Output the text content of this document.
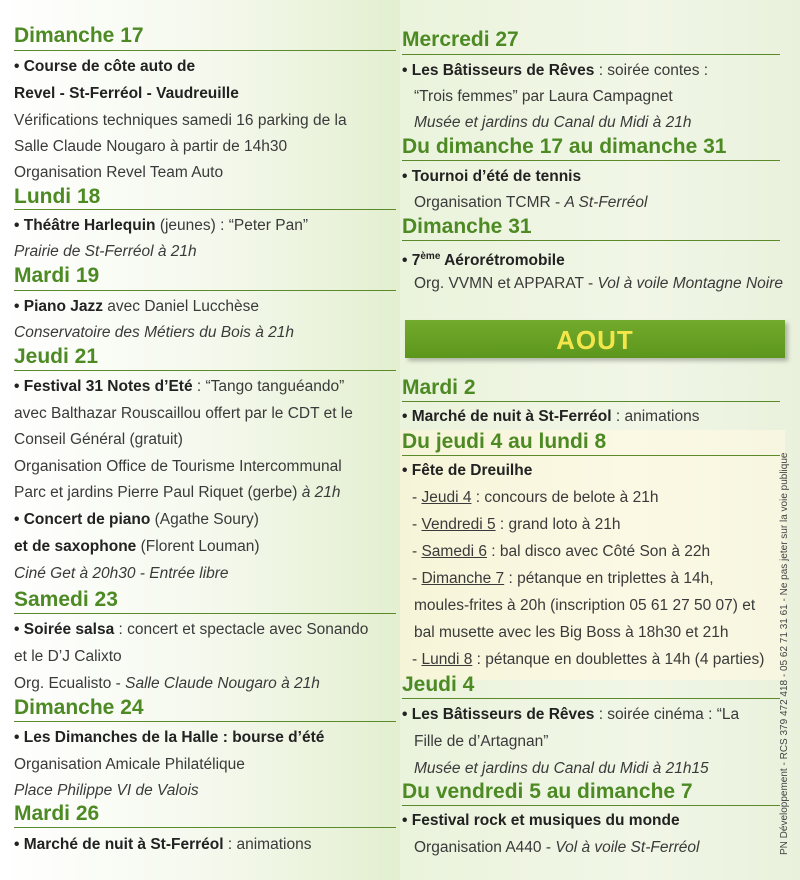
Dimanche 17
• Course de côte auto de
Revel - St-Ferréol - Vaudreuille
Vérifications techniques samedi 16 parking de la
Salle Claude Nougaro à partir de 14h30
Organisation Revel Team Auto
Lundi 18
• Théâtre Harlequin (jeunes) : “Peter Pan”
Prairie de St-Ferréol à 21h
Mardi 19
• Piano Jazz avec Daniel Lucchèse
Conservatoire des Métiers du Bois à 21h
Jeudi 21
• Festival 31 Notes d’Eté : “Tango tanguéando”
avec Balthazar Rouscaillou offert par le CDT et le
Conseil Général (gratuit)
Organisation Office de Tourisme Intercommunal
Parc et jardins Pierre Paul Riquet (gerbe) à 21h
• Concert de piano (Agathe Soury)
et de saxophone (Florent Louman)
Ciné Get à 20h30 - Entrée libre
Samedi 23
• Soirée salsa : concert et spectacle avec Sonando
et le D’J Calixto
Org. Ecualisto - Salle Claude Nougaro à 21h
Dimanche 24
• Les Dimanches de la Halle : bourse d’été
Organisation Amicale Philatélique
Place Philippe VI de Valois
Mardi 26
• Marché de nuit à St-Ferréol : animations
Mercredi 27
• Les Bâtisseurs de Rêves : soirée contes :
“Trois femmes” par Laura Campagnet
Musée et jardins du Canal du Midi à 21h
Du dimanche 17 au dimanche 31
• Tournoi d’été de tennis
Organisation TCMR - A St-Ferréol
Dimanche 31
• 7ème Aérorétromobile
Org. VVMN et APPARAT - Vol à voile Montagne Noire
AOUT
Mardi 2
• Marché de nuit à St-Ferréol : animations
Du jeudi 4 au lundi 8
• Fête de Dreuilhe
- Jeudi 4 : concours de belote à 21h
- Vendredi 5 : grand loto à 21h
- Samedi 6 : bal disco avec Côté Son à 22h
- Dimanche 7 : pétanque en triplettes à 14h,
moules-frites à 20h (inscription 05 61 27 50 07) et
bal musette avec les Big Boss à 18h30 et 21h
- Lundi 8 : pétanque en doublettes à 14h (4 parties)
Jeudi 4
• Les Bâtisseurs de Rêves : soirée cinéma : “La
Fille de d’Artagnan”
Musée et jardins du Canal du Midi à 21h15
Du vendredi 5 au dimanche 7
• Festival rock et musiques du monde
Organisation A440 - Vol à voile St-Ferréol	PN Développement - RCS 379 472 418 - 05 62 71 31 61 - Ne pas jeter sur la voie publique
